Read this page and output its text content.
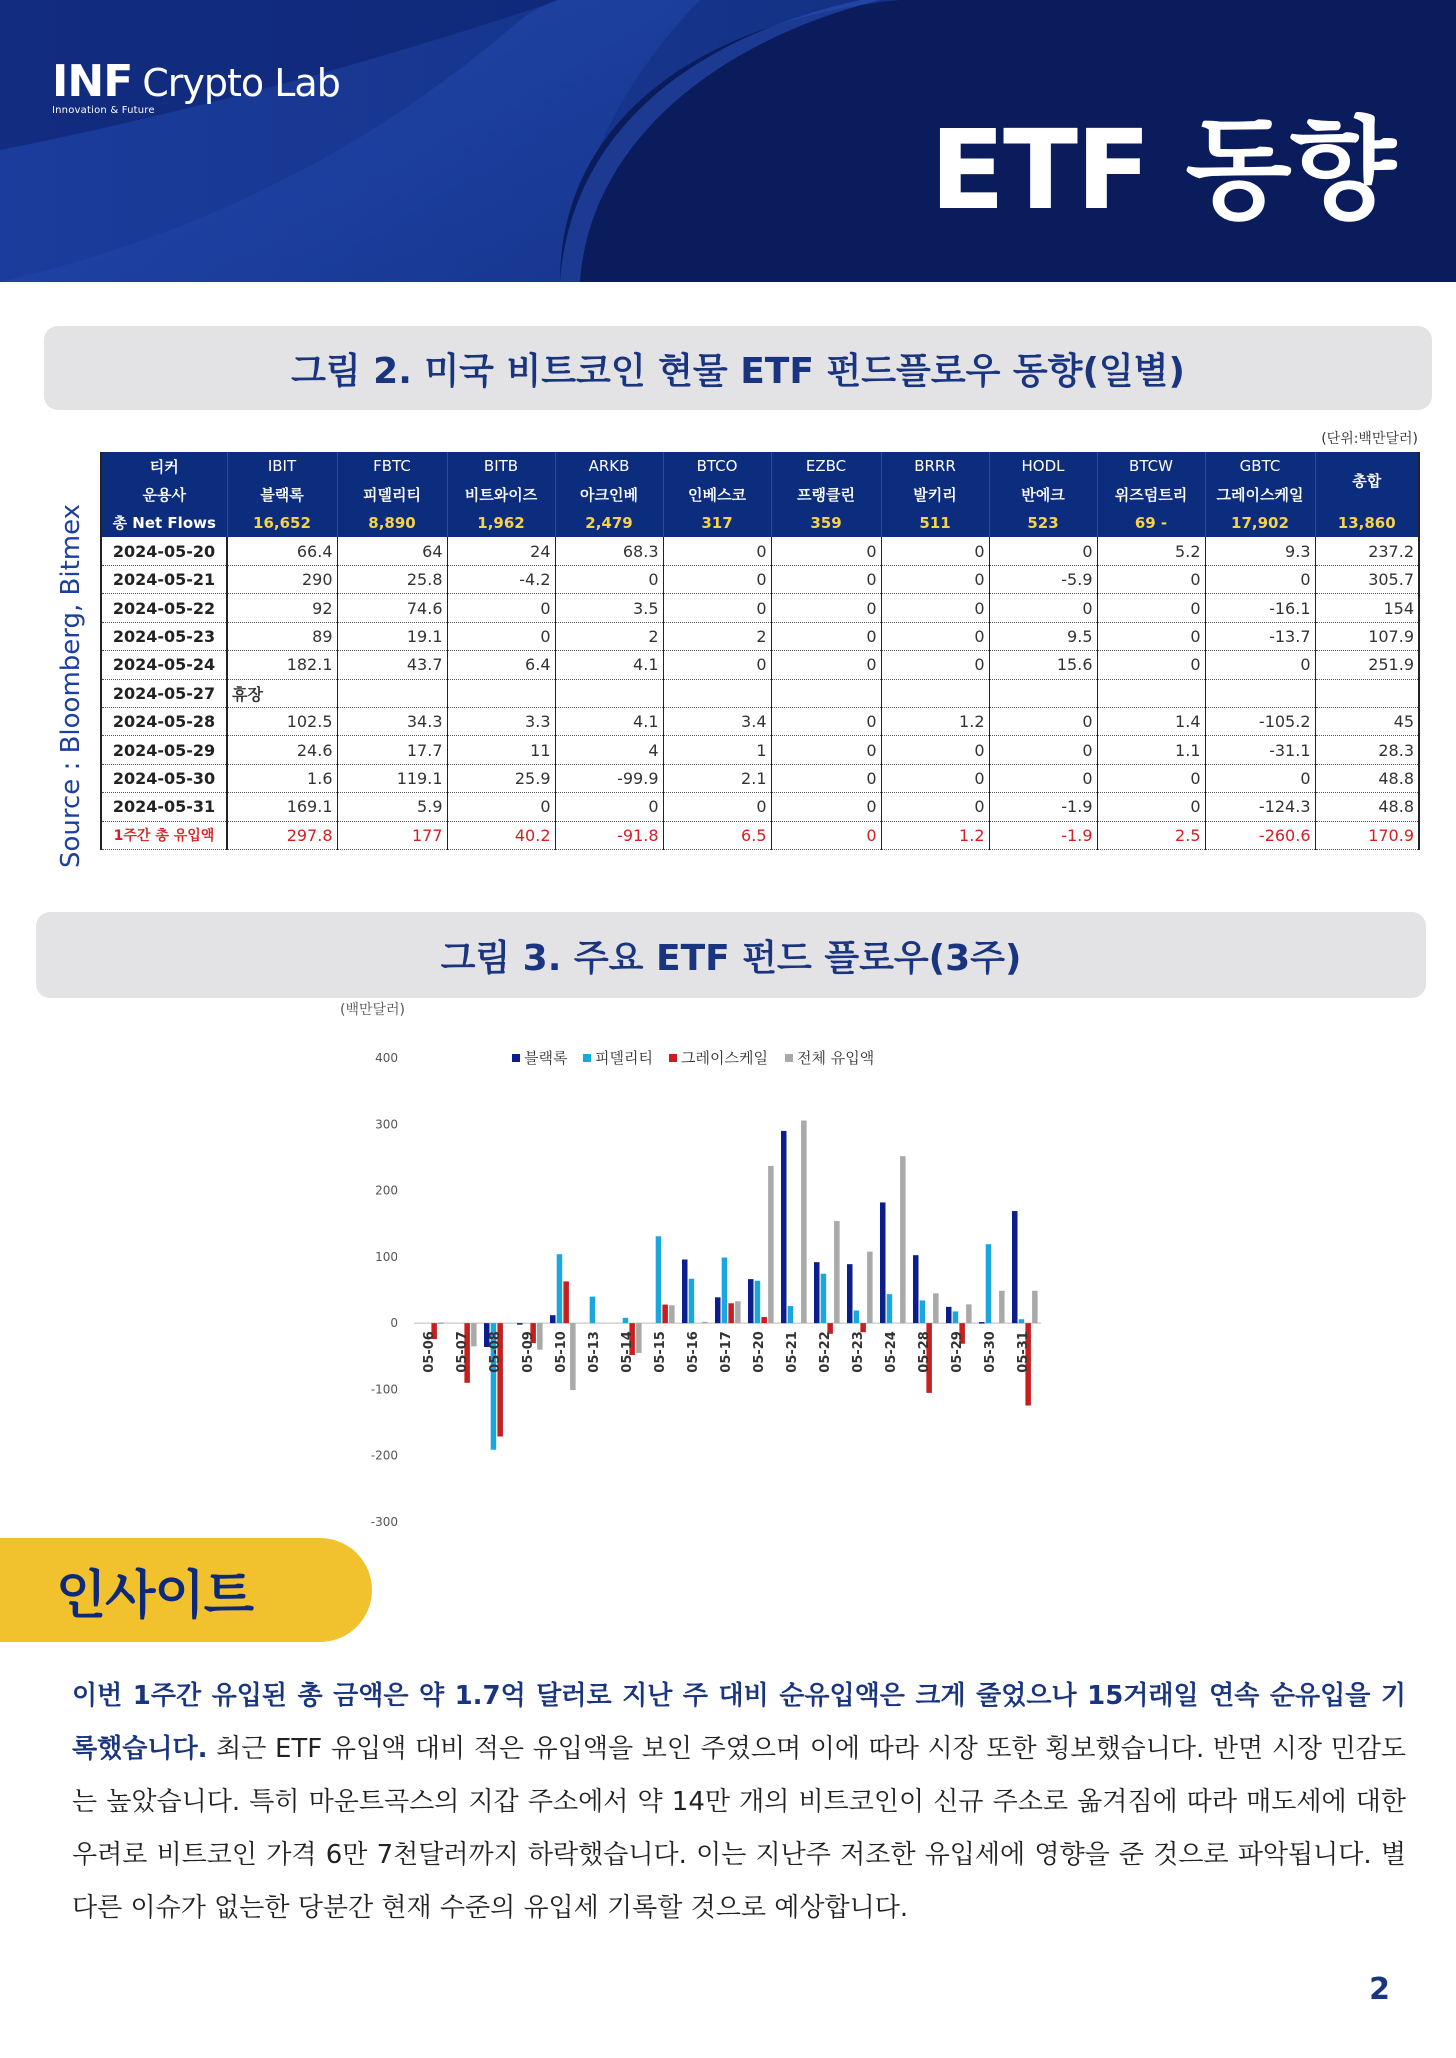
INF Crypto Lab
Innovation & Future	ETF 동향
그림 2. 미국 비트코인 현물 ETF 펀드플로우 동향(일별)
(단위:백만달러)
Source : Bloomberg, Bitmex
티커	IBIT	FBTC	BITB	ARKB	BTCO	EZBC	BRRR	HODL	BTCW	GBTC	총합
운용사	블랙록	피델리티	비트와이즈	아크인베	인베스코	프랭클린	발키리	반에크	위즈덤트리	그레이스케일	
총 Net Flows	16,652	8,890	1,962	2,479	317	359	511	523	69 -	17,902	13,860
2024-05-20	66.4	64	24	68.3	0	0	0	0	5.2	9.3	237.2
2024-05-21	290	25.8	-4.2	0	0	0	0	-5.9	0	0	305.7
2024-05-22	92	74.6	0	3.5	0	0	0	0	0	-16.1	154
2024-05-23	89	19.1	0	2	2	0	0	9.5	0	-13.7	107.9
2024-05-24	182.1	43.7	6.4	4.1	0	0	0	15.6	0	0	251.9
2024-05-27	휴장										
2024-05-28	102.5	34.3	3.3	4.1	3.4	0	1.2	0	1.4	-105.2	45
2024-05-29	24.6	17.7	11	4	1	0	0	0	1.1	-31.1	28.3
2024-05-30	1.6	119.1	25.9	-99.9	2.1	0	0	0	0	0	48.8
2024-05-31	169.1	5.9	0	0	0	0	0	-1.9	0	-124.3	48.8
1주간 총 유입액	297.8	177	40.2	-91.8	6.5	0	1.2	-1.9	2.5	-260.6	170.9
그림 3. 주요 ETF 펀드 플로우(3주)
(백만달러)
-300
-200
-100
0
100
200
300
400	블랙록 피델리티 그레이스케일 전체 유입액
05-06 05-07 05-08 05-09 05-10 05-13 05-14 05-15 05-16 05-17 05-20 05-21 05-22 05-23 05-24 05-28 05-29 05-30 05-31
인사이트
이번 1주간 유입된 총 금액은 약 1.7억 달러로 지난 주 대비 순유입액은 크게 줄었으나 15거래일 연속 순유입을 기록했습니다. 최근 ETF 유입액 대비 적은 유입액을 보인 주였으며 이에 따라 시장 또한 횡보했습니다. 반면 시장 민감도는 높았습니다. 특히 마운트곡스의 지갑 주소에서 약 14만 개의 비트코인이 신규 주소로 옮겨짐에 따라 매도세에 대한 우려로 비트코인 가격 6만 7천달러까지 하락했습니다. 이는 지난주 저조한 유입세에 영향을 준 것으로 파악됩니다. 별다른 이슈가 없는한 당분간 현재 수준의 유입세 기록할 것으로 예상합니다.
2
